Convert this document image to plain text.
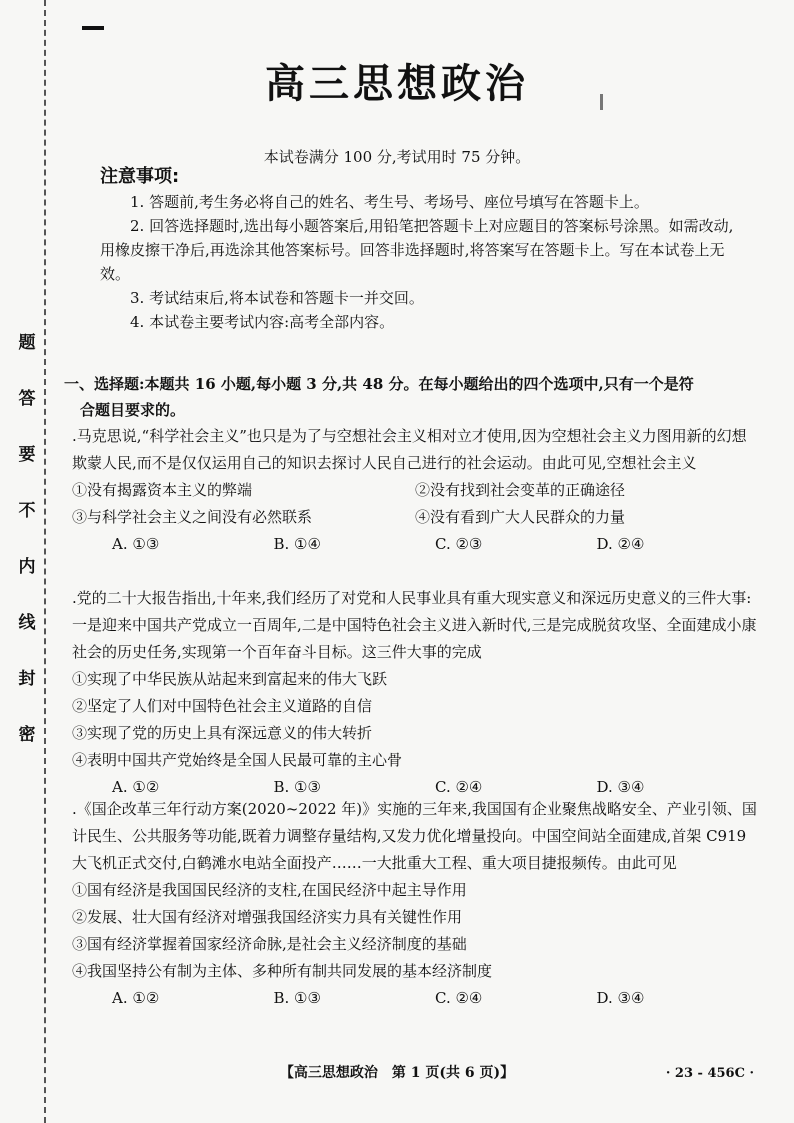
题
答
要
不
内
线
封
密
高三思想政治
本试卷满分 100 分,考试用时 75 分钟。
注意事项:

1. 答题前,考生务必将自己的姓名、考生号、考场号、座位号填写在答题卡上。

2. 回答选择题时,选出每小题答案后,用铅笔把答题卡上对应题目的答案标号涂黑。如需改动,用橡皮擦干净后,再选涂其他答案标号。回答非选择题时,将答案写在答题卡上。写在本试卷上无效。

3. 考试结束后,将本试卷和答题卡一并交回。

4. 本试卷主要考试内容:高考全部内容。

一、选择题:本题共 16 小题,每小题 3 分,共 48 分。在每小题给出的四个选项中,只有一个是符
合题目要求的。

.马克思说,“科学社会主义”也只是为了与空想社会主义相对立才使用,因为空想社会主义力图用新的幻想欺蒙人民,而不是仅仅运用自己的知识去探讨人民自己进行的社会运动。由此可见,空想社会主义

①没有揭露资本主义的弊端	②没有找到社会变革的正确途径
③与科学社会主义之间没有必然联系	④没有看到广大人民群众的力量
A. ①③	B. ①④	C. ②③	D. ②④

.党的二十大报告指出,十年来,我们经历了对党和人民事业具有重大现实意义和深远历史意义的三件大事:一是迎来中国共产党成立一百周年,二是中国特色社会主义进入新时代,三是完成脱贫攻坚、全面建成小康社会的历史任务,实现第一个百年奋斗目标。这三件大事的完成

①实现了中华民族从站起来到富起来的伟大飞跃
②坚定了人们对中国特色社会主义道路的自信
③实现了党的历史上具有深远意义的伟大转折
④表明中国共产党始终是全国人民最可靠的主心骨
A. ①②	B. ①③	C. ②④	D. ③④

.《国企改革三年行动方案(2020~2022 年)》实施的三年来,我国国有企业聚焦战略安全、产业引领、国计民生、公共服务等功能,既着力调整存量结构,又发力优化增量投向。中国空间站全面建成,首架 C919 大飞机正式交付,白鹤滩水电站全面投产……一大批重大工程、重大项目捷报频传。由此可见

①国有经济是我国国民经济的支柱,在国民经济中起主导作用
②发展、壮大国有经济对增强我国经济实力具有关键性作用
③国有经济掌握着国家经济命脉,是社会主义经济制度的基础
④我国坚持公有制为主体、多种所有制共同发展的基本经济制度
A. ①②	B. ①③	C. ②④	D. ③④
【高三思想政治　第 1 页(共 6 页)】	· 23 - 456C ·
